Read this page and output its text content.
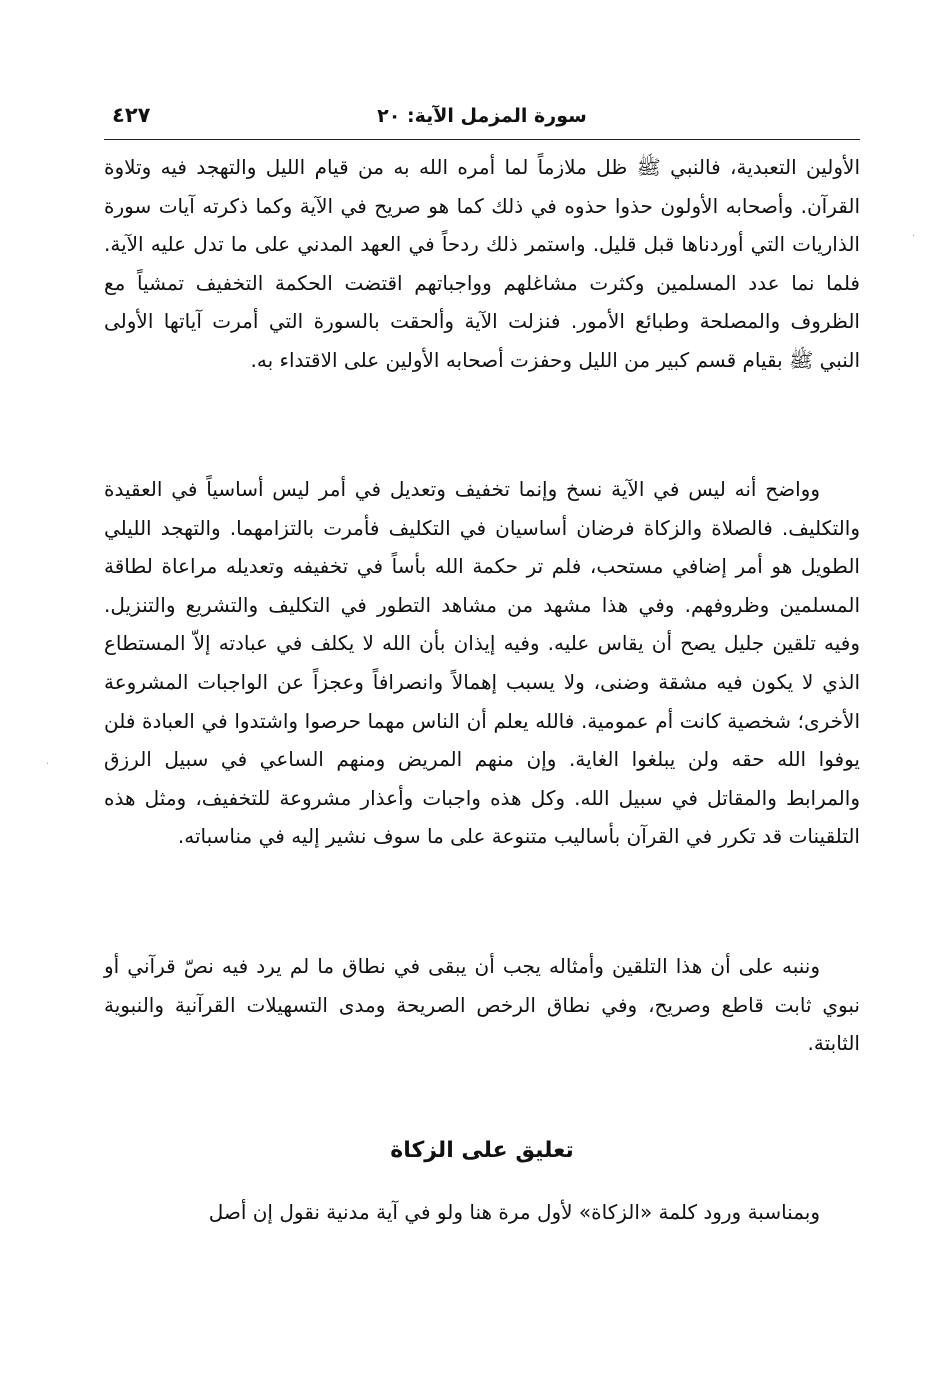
سورة المزمل الآية: ٢٠
٤٢٧

الأولين التعبدية، فالنبي ﷺ ظل ملازماً لما أمره الله به من قيام الليل والتهجد فيه وتلاوة القرآن. وأصحابه الأولون حذوا حذوه في ذلك كما هو صريح في الآية وكما ذكرته آيات سورة الذاريات التي أوردناها قبل قليل. واستمر ذلك ردحاً في العهد المدني على ما تدل عليه الآية. فلما نما عدد المسلمين وكثرت مشاغلهم وواجباتهم اقتضت الحكمة التخفيف تمشياً مع الظروف والمصلحة وطبائع الأمور. فنزلت الآية وألحقت بالسورة التي أمرت آياتها الأولى النبي ﷺ بقيام قسم كبير من الليل وحفزت أصحابه الأولين على الاقتداء به.

وواضح أنه ليس في الآية نسخ وإنما تخفيف وتعديل في أمر ليس أساسياً في العقيدة والتكليف. فالصلاة والزكاة فرضان أساسيان في التكليف فأمرت بالتزامهما. والتهجد الليلي الطويل هو أمر إضافي مستحب، فلم تر حكمة الله بأساً في تخفيفه وتعديله مراعاة لطاقة المسلمين وظروفهم. وفي هذا مشهد من مشاهد التطور في التكليف والتشريع والتنزيل. وفيه تلقين جليل يصح أن يقاس عليه. وفيه إيذان بأن الله لا يكلف في عبادته إلاّ المستطاع الذي لا يكون فيه مشقة وضنى، ولا يسبب إهمالاً وانصرافاً وعجزاً عن الواجبات المشروعة الأخرى؛ شخصية كانت أم عمومية. فالله يعلم أن الناس مهما حرصوا واشتدوا في العبادة فلن يوفوا الله حقه ولن يبلغوا الغاية. وإن منهم المريض ومنهم الساعي في سبيل الرزق والمرابط والمقاتل في سبيل الله. وكل هذه واجبات وأعذار مشروعة للتخفيف، ومثل هذه التلقينات قد تكرر في القرآن بأساليب متنوعة على ما سوف نشير إليه في مناسباته.

وننبه على أن هذا التلقين وأمثاله يجب أن يبقى في نطاق ما لم يرد فيه نصّ قرآني أو نبوي ثابت قاطع وصريح، وفي نطاق الرخص الصريحة ومدى التسهيلات القرآنية والنبوية الثابتة.

تعليق على الزكاة

وبمناسبة ورود كلمة «الزكاة» لأول مرة هنا ولو في آية مدنية نقول إن أصل

·
·
